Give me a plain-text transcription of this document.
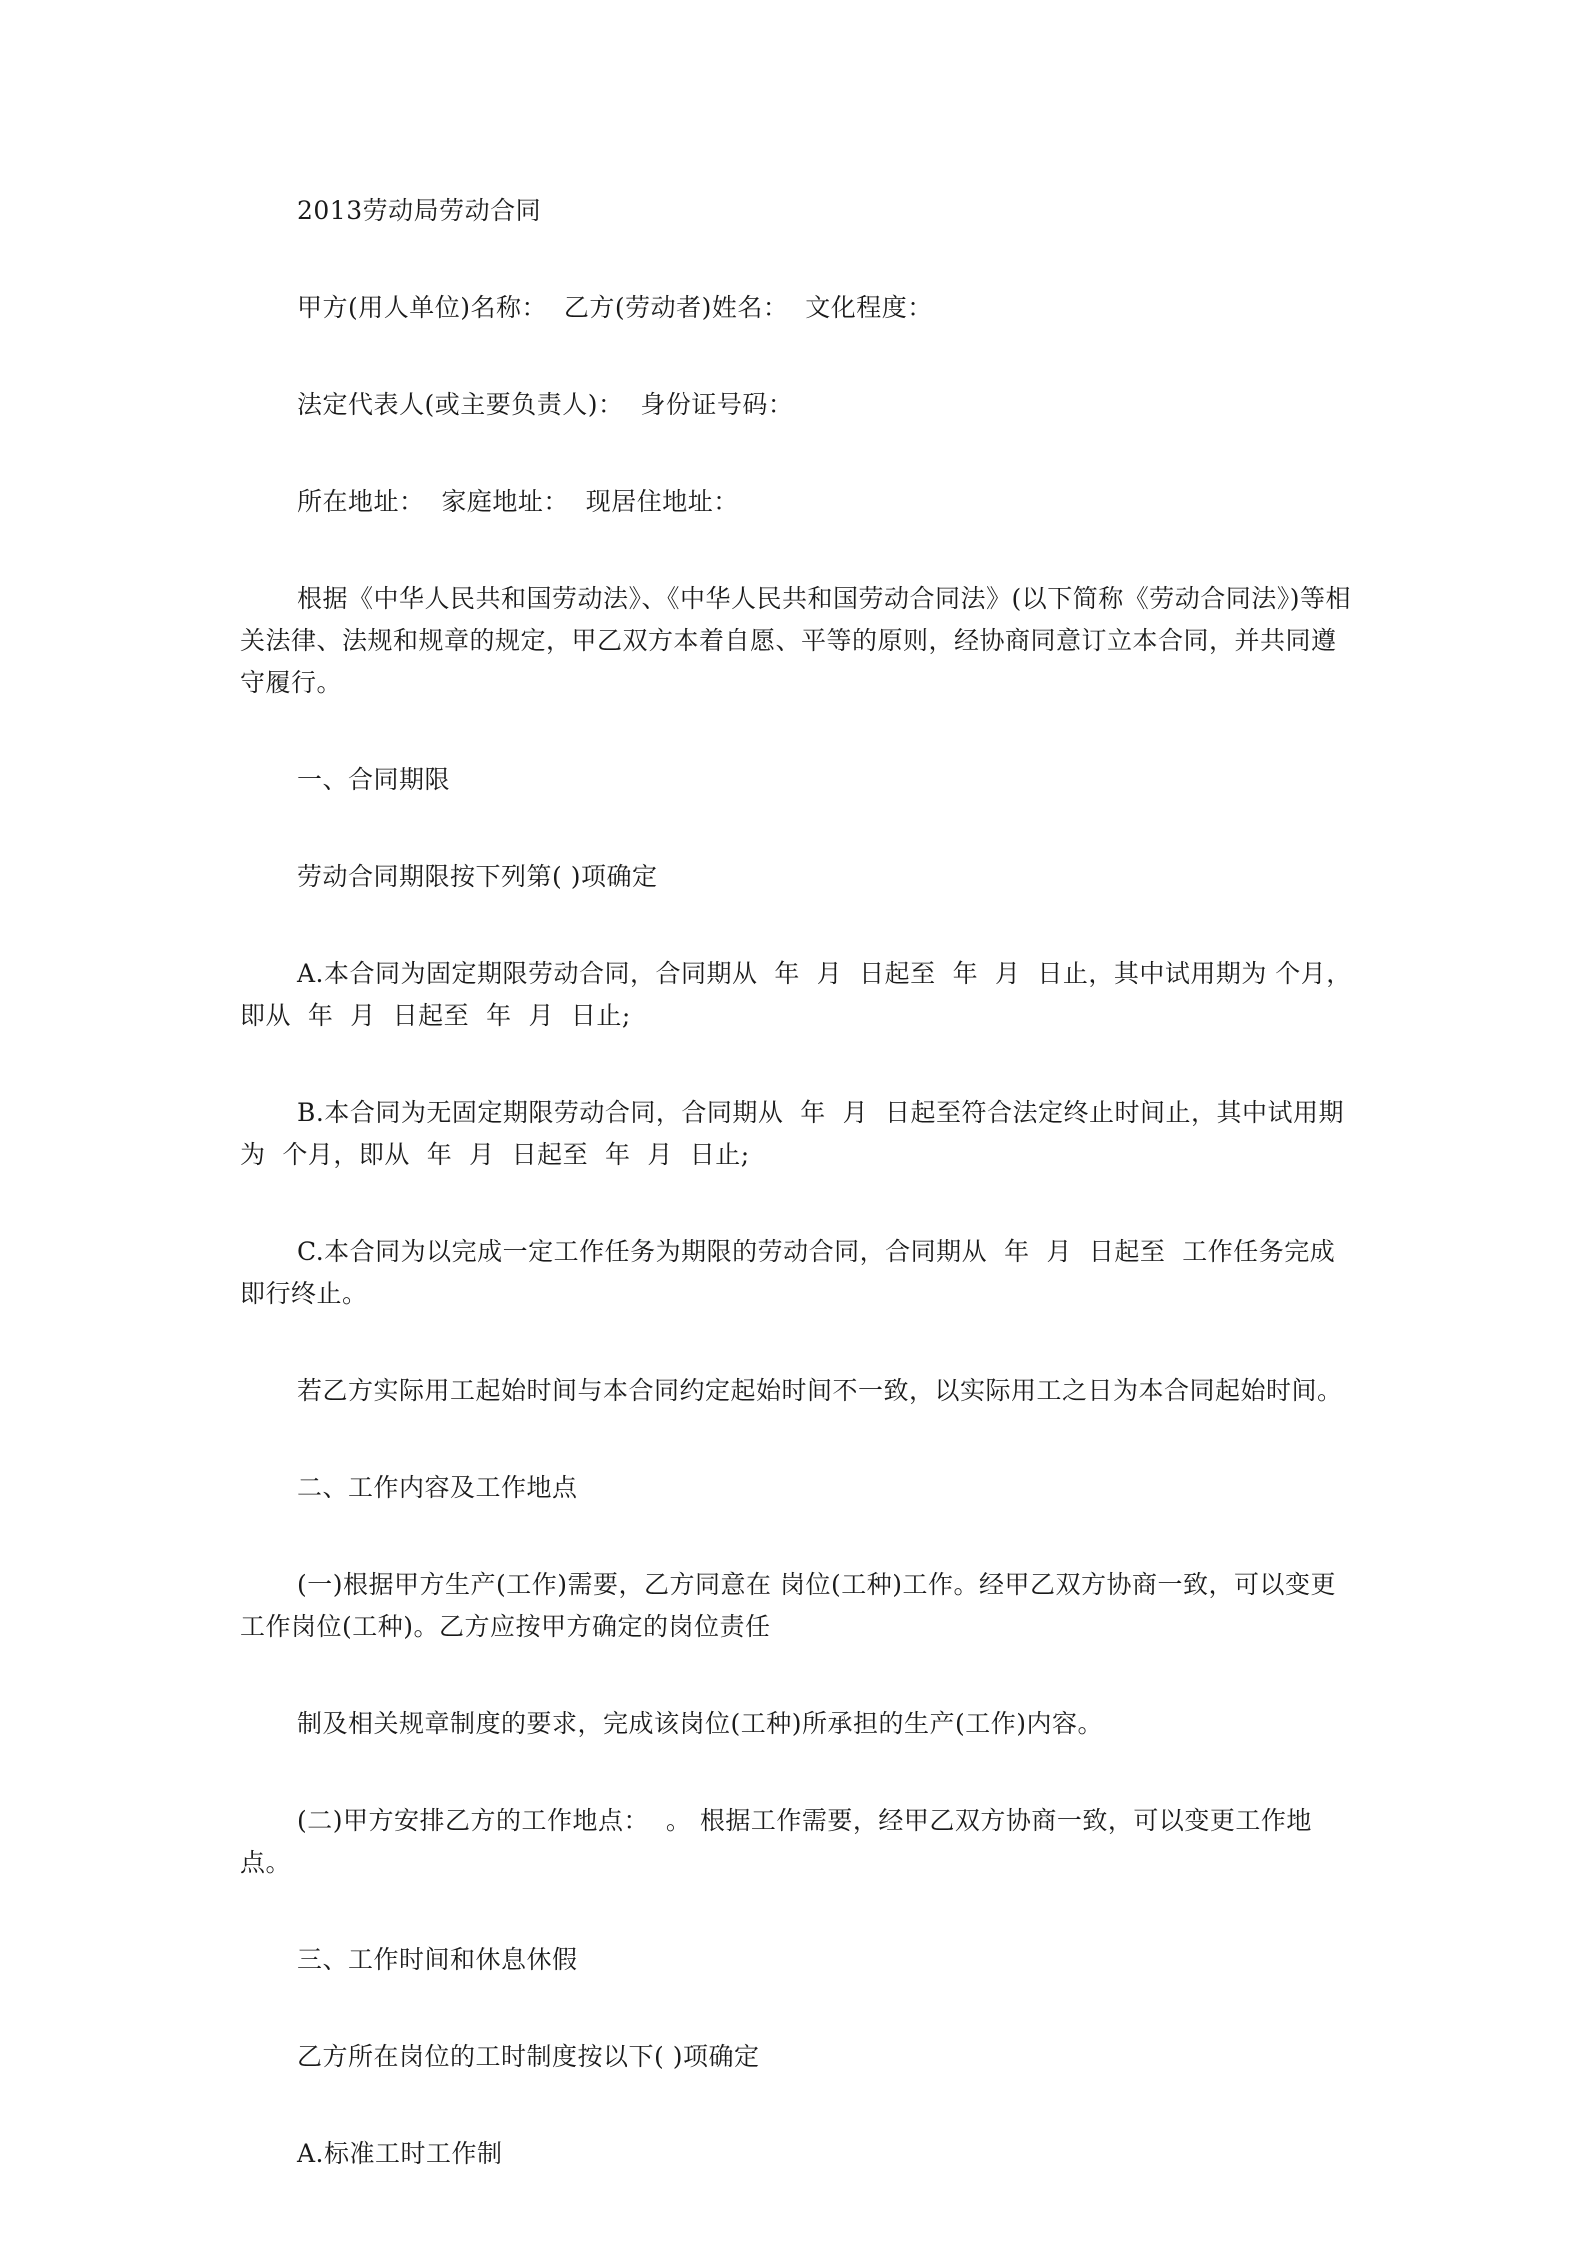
2013劳动局劳动合同

甲方(用人单位)名称：  乙方(劳动者)姓名：  文化程度：

法定代表人(或主要负责人)：  身份证号码：

所在地址：  家庭地址：  现居住地址：

根据《中华人民共和国劳动法》、《中华人民共和国劳动合同法》(以下简称《劳动合同法》)等相关法律、法规和规章的规定，甲乙双方本着自愿、平等的原则，经协商同意订立本合同，并共同遵守履行。

一、合同期限

劳动合同期限按下列第( )项确定

A.本合同为固定期限劳动合同，合同期从  年  月  日起至  年  月  日止，其中试用期为 个月，即从  年  月  日起至  年  月  日止;

B.本合同为无固定期限劳动合同，合同期从  年  月  日起至符合法定终止时间止，其中试用期为  个月，即从  年  月  日起至  年  月  日止;

C.本合同为以完成一定工作任务为期限的劳动合同，合同期从  年  月  日起至  工作任务完成即行终止。

若乙方实际用工起始时间与本合同约定起始时间不一致，以实际用工之日为本合同起始时间。

二、工作内容及工作地点

(一)根据甲方生产(工作)需要，乙方同意在 岗位(工种)工作。经甲乙双方协商一致，可以变更工作岗位(工种)。乙方应按甲方确定的岗位责任

制及相关规章制度的要求，完成该岗位(工种)所承担的生产(工作)内容。

(二)甲方安排乙方的工作地点：  。 根据工作需要，经甲乙双方协商一致，可以变更工作地点。

三、工作时间和休息休假

乙方所在岗位的工时制度按以下( )项确定

A.标准工时工作制
